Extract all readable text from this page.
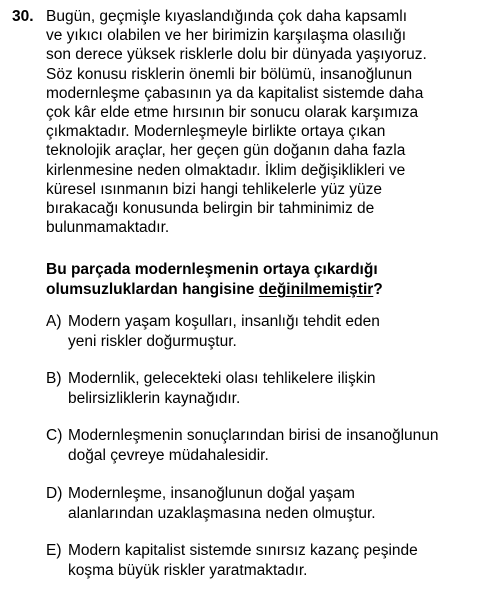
30. Bugün, geçmişle kıyaslandığında çok daha kapsamlı
ve yıkıcı olabilen ve her birimizin karşılaşma olasılığı
son derece yüksek risklerle dolu bir dünyada yaşıyoruz.
Söz konusu risklerin önemli bir bölümü, insanoğlunun
modernleşme çabasının ya da kapitalist sistemde daha
çok kâr elde etme hırsının bir sonucu olarak karşımıza
çıkmaktadır. Modernleşmeyle birlikte ortaya çıkan
teknolojik araçlar, her geçen gün doğanın daha fazla
kirlenmesine neden olmaktadır. İklim değişiklikleri ve
küresel ısınmanın bizi hangi tehlikelerle yüz yüze
bırakacağı konusunda belirgin bir tahminimiz de
bulunmamaktadır.
Bu parçada modernleşmenin ortaya çıkardığı
olumsuzluklardan hangisine değinilmemiştir?
A) Modern yaşam koşulları, insanlığı tehdit eden
yeni riskler doğurmuştur.
B) Modernlik, gelecekteki olası tehlikelere ilişkin
belirsizliklerin kaynağıdır.
C) Modernleşmenin sonuçlarından birisi de insanoğlunun
doğal çevreye müdahalesidir.
D) Modernleşme, insanoğlunun doğal yaşam
alanlarından uzaklaşmasına neden olmuştur.
E) Modern kapitalist sistemde sınırsız kazanç peşinde
koşma büyük riskler yaratmaktadır.
